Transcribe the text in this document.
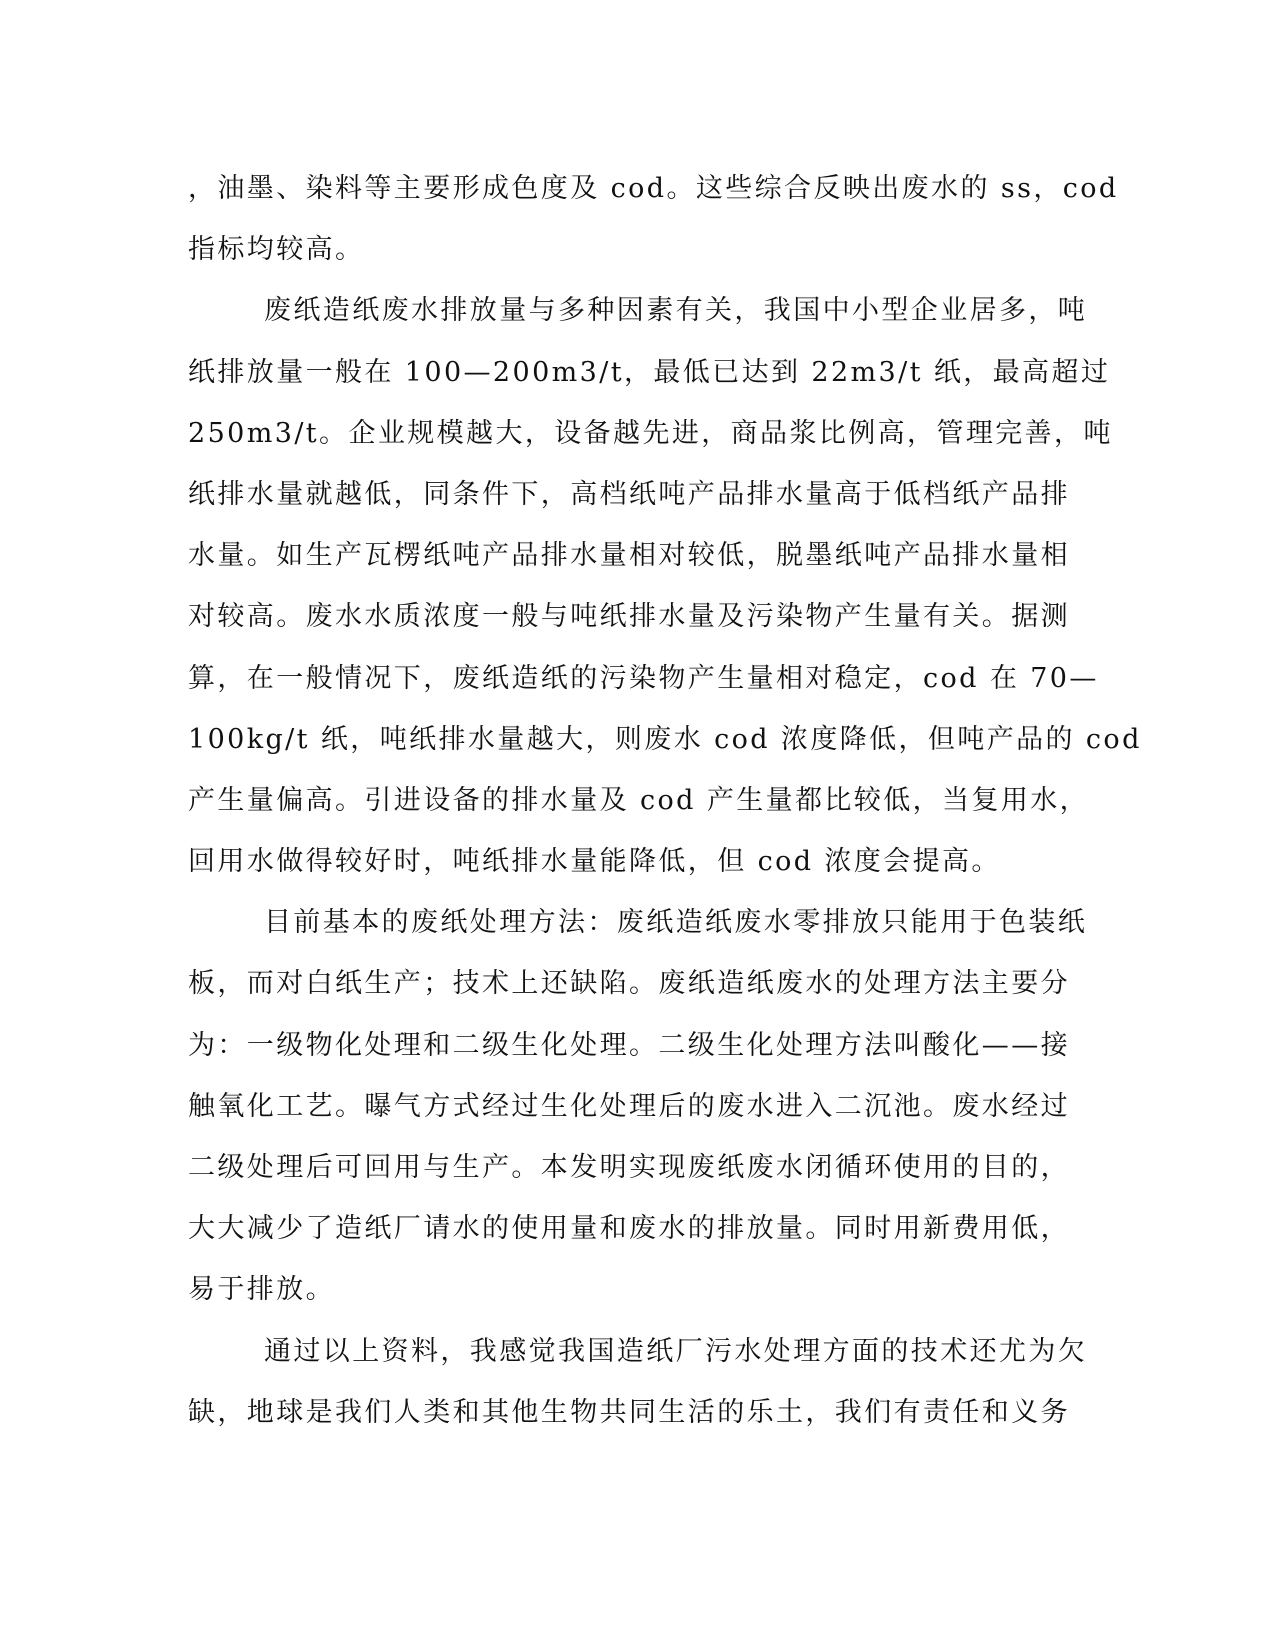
，油墨、染料等主要形成色度及 cod。这些综合反映出废水的 ss，cod
指标均较高。
废纸造纸废水排放量与多种因素有关，我国中小型企业居多，吨
纸排放量一般在 100—200m3/t，最低已达到 22m3/t 纸，最高超过
250m3/t。企业规模越大，设备越先进，商品浆比例高，管理完善，吨
纸排水量就越低，同条件下，高档纸吨产品排水量高于低档纸产品排
水量。如生产瓦楞纸吨产品排水量相对较低，脱墨纸吨产品排水量相
对较高。废水水质浓度一般与吨纸排水量及污染物产生量有关。据测
算，在一般情况下，废纸造纸的污染物产生量相对稳定，cod 在 70—
100kg/t 纸，吨纸排水量越大，则废水 cod 浓度降低，但吨产品的 cod
产生量偏高。引进设备的排水量及 cod 产生量都比较低，当复用水，
回用水做得较好时，吨纸排水量能降低，但 cod 浓度会提高。
目前基本的废纸处理方法：废纸造纸废水零排放只能用于色装纸
板，而对白纸生产；技术上还缺陷。废纸造纸废水的处理方法主要分
为：一级物化处理和二级生化处理。二级生化处理方法叫酸化——接
触氧化工艺。曝气方式经过生化处理后的废水进入二沉池。废水经过
二级处理后可回用与生产。本发明实现废纸废水闭循环使用的目的，
大大减少了造纸厂请水的使用量和废水的排放量。同时用新费用低，
易于排放。
通过以上资料，我感觉我国造纸厂污水处理方面的技术还尤为欠
缺，地球是我们人类和其他生物共同生活的乐土，我们有责任和义务
